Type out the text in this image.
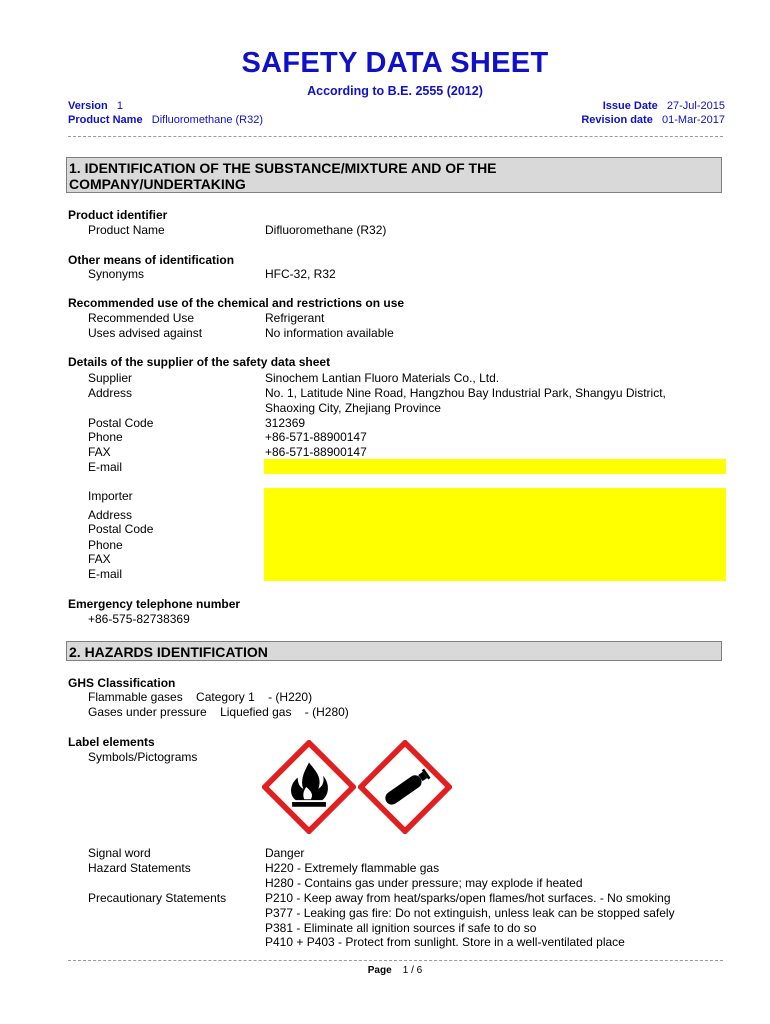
SAFETY DATA SHEET
According to B.E. 2555 (2012)
Version 1
Product Name Difluoromethane (R32)
Issue Date 27-Jul-2015
Revision date 01-Mar-2017
1. IDENTIFICATION OF THE SUBSTANCE/MIXTURE AND OF THE
COMPANY/UNDERTAKING
Product identifier
Product Name	Difluoromethane (R32)
Other means of identification
Synonyms	HFC-32, R32
Recommended use of the chemical and restrictions on use
Recommended Use	Refrigerant
Uses advised against	No information available
Details of the supplier of the safety data sheet
Supplier	Sinochem Lantian Fluoro Materials Co., Ltd.
Address	No. 1, Latitude Nine Road, Hangzhou Bay Industrial Park, Shangyu District,
Shaoxing City, Zhejiang Province
Postal Code	312369
Phone	+86-571-88900147
FAX	+86-571-88900147
E-mail
Importer
Address
Postal Code
Phone
FAX
E-mail
Emergency telephone number
+86-575-82738369
2. HAZARDS IDENTIFICATION
GHS Classification
Flammable gases    Category 1    - (H220)
Gases under pressure    Liquefied gas    - (H280)
Label elements
Symbols/Pictograms
Signal word	Danger
Hazard Statements	H220 - Extremely flammable gas
H280 - Contains gas under pressure; may explode if heated
Precautionary Statements	P210 - Keep away from heat/sparks/open flames/hot surfaces. - No smoking
P377 - Leaking gas fire: Do not extinguish, unless leak can be stopped safely
P381 - Eliminate all ignition sources if safe to do so
P410 + P403 - Protect from sunlight. Store in a well-ventilated place
Page 1 / 6
